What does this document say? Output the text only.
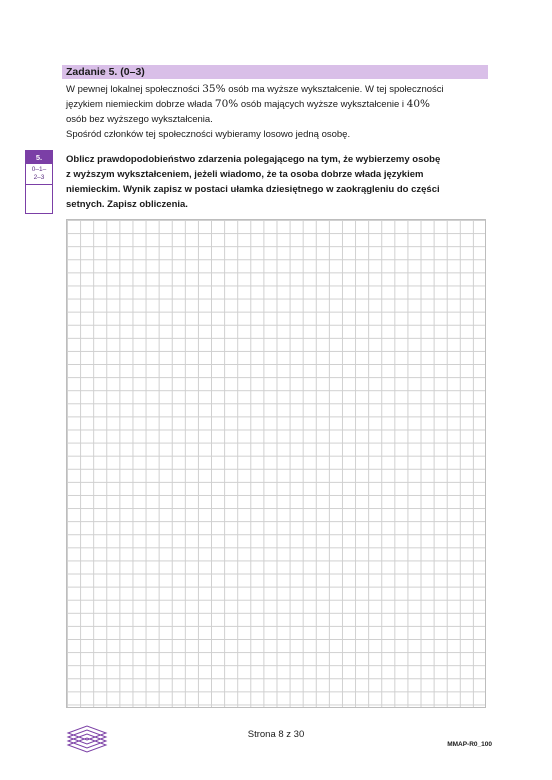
Zadanie 5. (0–3)

W pewnej lokalnej społeczności 35% osób ma wyższe wykształcenie. W tej społeczności

językiem niemieckim dobrze włada 70% osób mających wyższe wykształcenie i 40%

osób bez wyższego wykształcenia.

Spośród członków tej społeczności wybieramy losowo jedną osobę.

5.
0–1–
2–3
Oblicz prawdopodobieństwo zdarzenia polegającego na tym, że wybierzemy osobę
z wyższym wykształceniem, jeżeli wiadomo, że ta osoba dobrze włada językiem
niemieckim. Wynik zapisz w postaci ułamka dziesiętnego w zaokrągleniu do części
setnych. Zapisz obliczenia.
Strona 8 z 30
MMAP-R0_100
